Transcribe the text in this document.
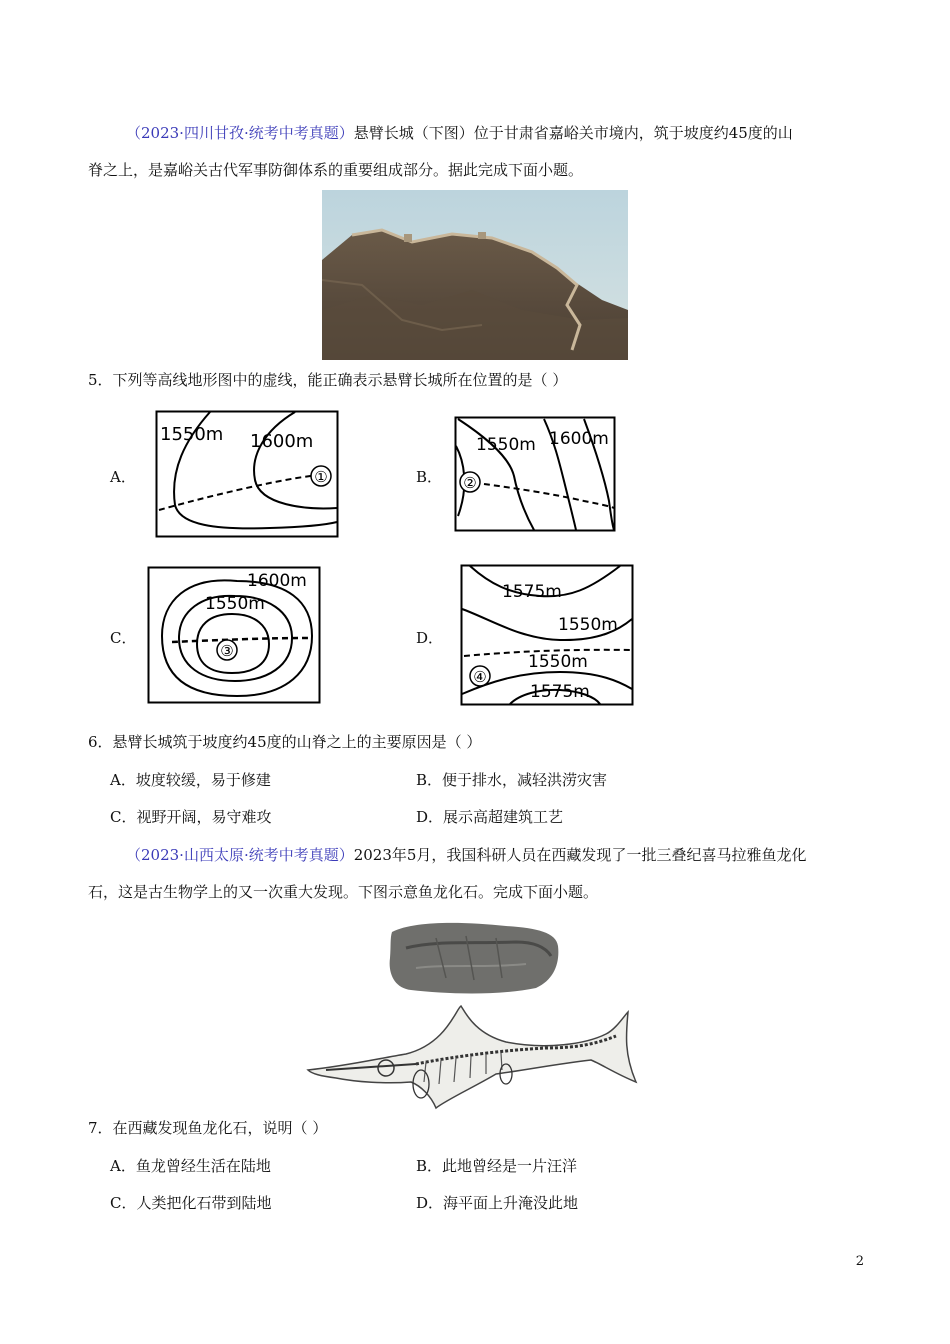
（2023·四川甘孜·统考中考真题）悬臂长城（下图）位于甘肃省嘉峪关市境内，筑于坡度约45度的山
脊之上，是嘉峪关古代军事防御体系的重要组成部分。据此完成下面小题。
5．下列等高线地形图中的虚线，能正确表示悬臂长城所在位置的是（ ）
A．	①
1550m 1600m
B． ②
1550m 1600m
C．
③
1600m
1550m
D．
④
1575m
1550m
1550m
1575m
6．悬臂长城筑于坡度约45度的山脊之上的主要原因是（ ）
A．坡度较缓，易于修建	B．便于排水，减轻洪涝灾害
C．视野开阔，易守难攻	D．展示高超建筑工艺
（2023·山西太原·统考中考真题）2023年5月，我国科研人员在西藏发现了一批三叠纪喜马拉雅鱼龙化
石，这是古生物学上的又一次重大发现。下图示意鱼龙化石。完成下面小题。
7．在西藏发现鱼龙化石，说明（ ）
A．鱼龙曾经生活在陆地	B．此地曾经是一片汪洋
C．人类把化石带到陆地	D．海平面上升淹没此地
2
